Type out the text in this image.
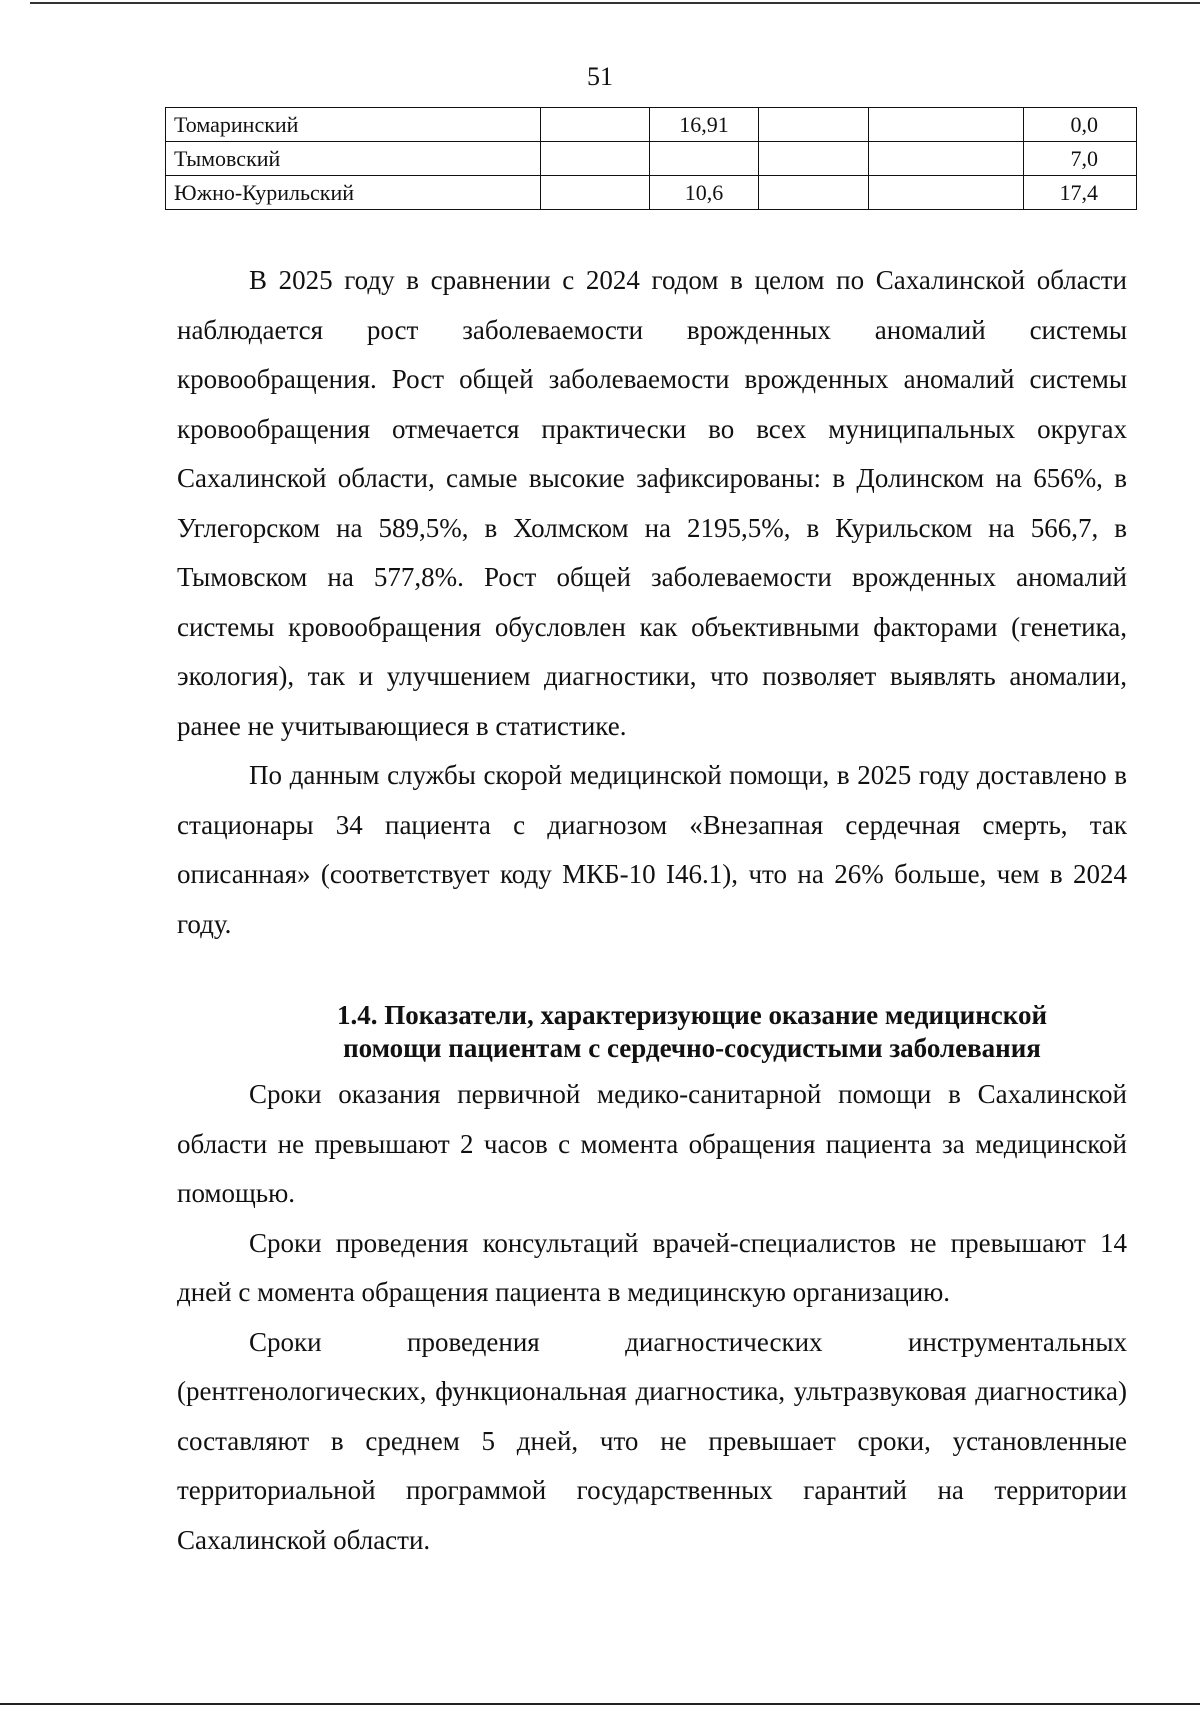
51
Томаринский		16,91			0,0
Тымовский					7,0
Южно-Курильский		10,6			17,4

В 2025 году в сравнении с 2024 годом в целом по Сахалинской области наблюдается рост заболеваемости врожденных аномалий системы кровообращения. Рост общей заболеваемости врожденных аномалий системы кровообращения отмечается практически во всех муниципальных округах Сахалинской области, самые высокие зафиксированы: в Долинском на 656%, в Углегорском на 589,5%, в Холмском на 2195,5%, в Курильском на 566,7, в Тымовском на 577,8%. Рост общей заболеваемости врожденных аномалий системы кровообращения обусловлен как объективными факторами (генетика, экология), так и улучшением диагностики, что позволяет выявлять аномалии, ранее не учитывающиеся в статистике.

По данным службы скорой медицинской помощи, в 2025 году доставлено в стационары 34 пациента с диагнозом «Внезапная сердечная смерть, так описанная» (соответствует коду МКБ-10 I46.1), что на 26% больше, чем в 2024 году.

1.4. Показатели, характеризующие оказание медицинской
помощи пациентам с сердечно-сосудистыми заболевания

Сроки оказания первичной медико-санитарной помощи в Сахалинской области не превышают 2 часов с момента обращения пациента за медицинской помощью.

Сроки проведения консультаций врачей-специалистов не превышают 14 дней с момента обращения пациента в медицинскую организацию.

Сроки проведения диагностических инструментальных (рентгенологических, функциональная диагностика, ультразвуковая диагностика) составляют в среднем 5 дней, что не превышает сроки, установленные территориальной программой государственных гарантий на территории Сахалинской области.
